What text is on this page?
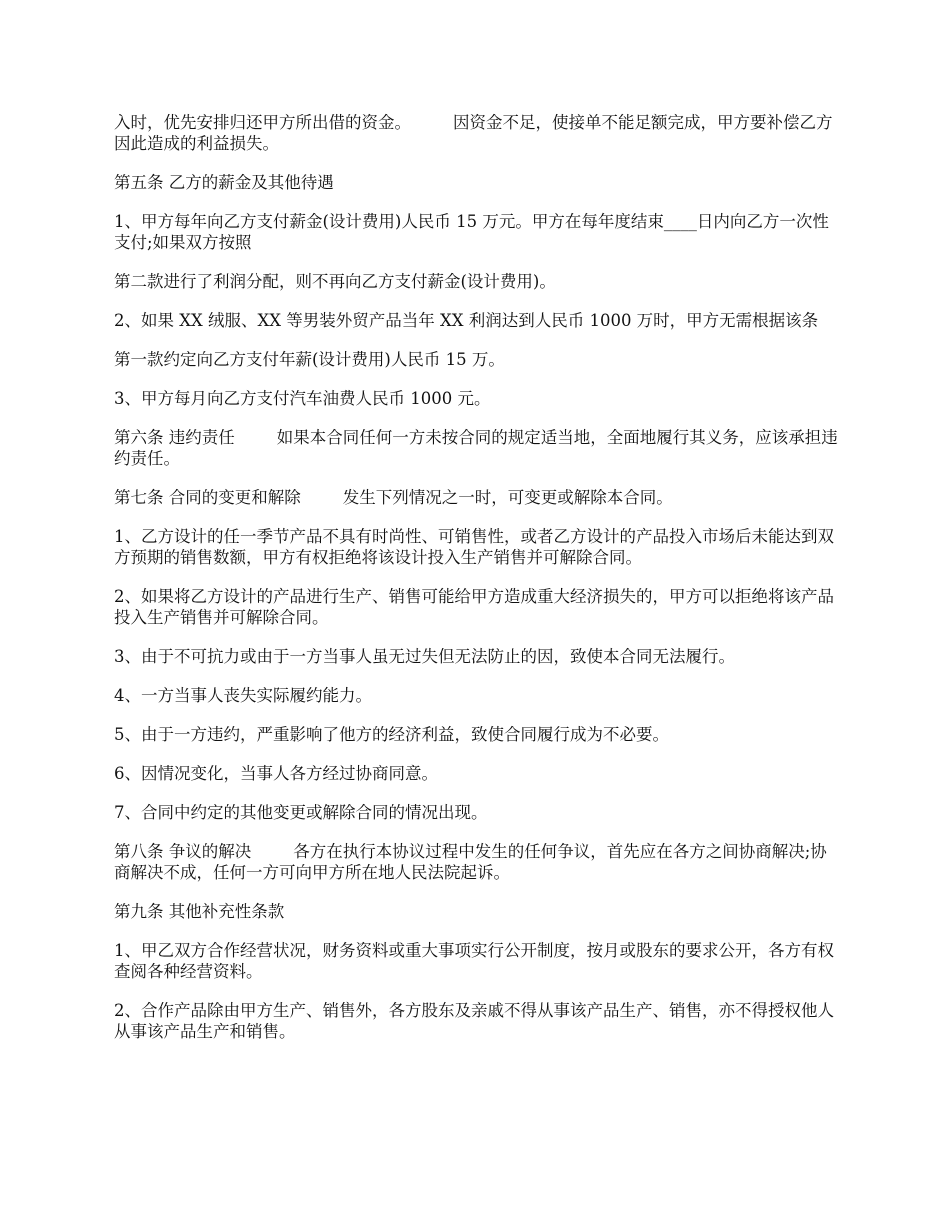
入时，优先安排归还甲方所出借的资金。        因资金不足，使接单不能足额完成，甲方要补偿乙方因此造成的利益损失。

第五条 乙方的薪金及其他待遇

1、甲方每年向乙方支付薪金(设计费用)人民币 15 万元。甲方在每年度结束____日内向乙方一次性支付;如果双方按照

第二款进行了利润分配，则不再向乙方支付薪金(设计费用)。

2、如果 XX 绒服、XX 等男装外贸产品当年 XX 利润达到人民币 1000 万时，甲方无需根据该条

第一款约定向乙方支付年薪(设计费用)人民币 15 万。

3、甲方每月向乙方支付汽车油费人民币 1000 元。

第六条 违约责任        如果本合同任何一方未按合同的规定适当地，全面地履行其义务，应该承担违约责任。

第七条 合同的变更和解除        发生下列情况之一时，可变更或解除本合同。

1、乙方设计的任一季节产品不具有时尚性、可销售性，或者乙方设计的产品投入市场后未能达到双方预期的销售数额，甲方有权拒绝将该设计投入生产销售并可解除合同。

2、如果将乙方设计的产品进行生产、销售可能给甲方造成重大经济损失的，甲方可以拒绝将该产品投入生产销售并可解除合同。

3、由于不可抗力或由于一方当事人虽无过失但无法防止的因，致使本合同无法履行。

4、一方当事人丧失实际履约能力。

5、由于一方违约，严重影响了他方的经济利益，致使合同履行成为不必要。

6、因情况变化，当事人各方经过协商同意。

7、合同中约定的其他变更或解除合同的情况出现。

第八条 争议的解决        各方在执行本协议过程中发生的任何争议，首先应在各方之间协商解决;协商解决不成，任何一方可向甲方所在地人民法院起诉。

第九条 其他补充性条款

1、甲乙双方合作经营状况，财务资料或重大事项实行公开制度，按月或股东的要求公开，各方有权查阅各种经营资料。

2、合作产品除由甲方生产、销售外，各方股东及亲戚不得从事该产品生产、销售，亦不得授权他人从事该产品生产和销售。
